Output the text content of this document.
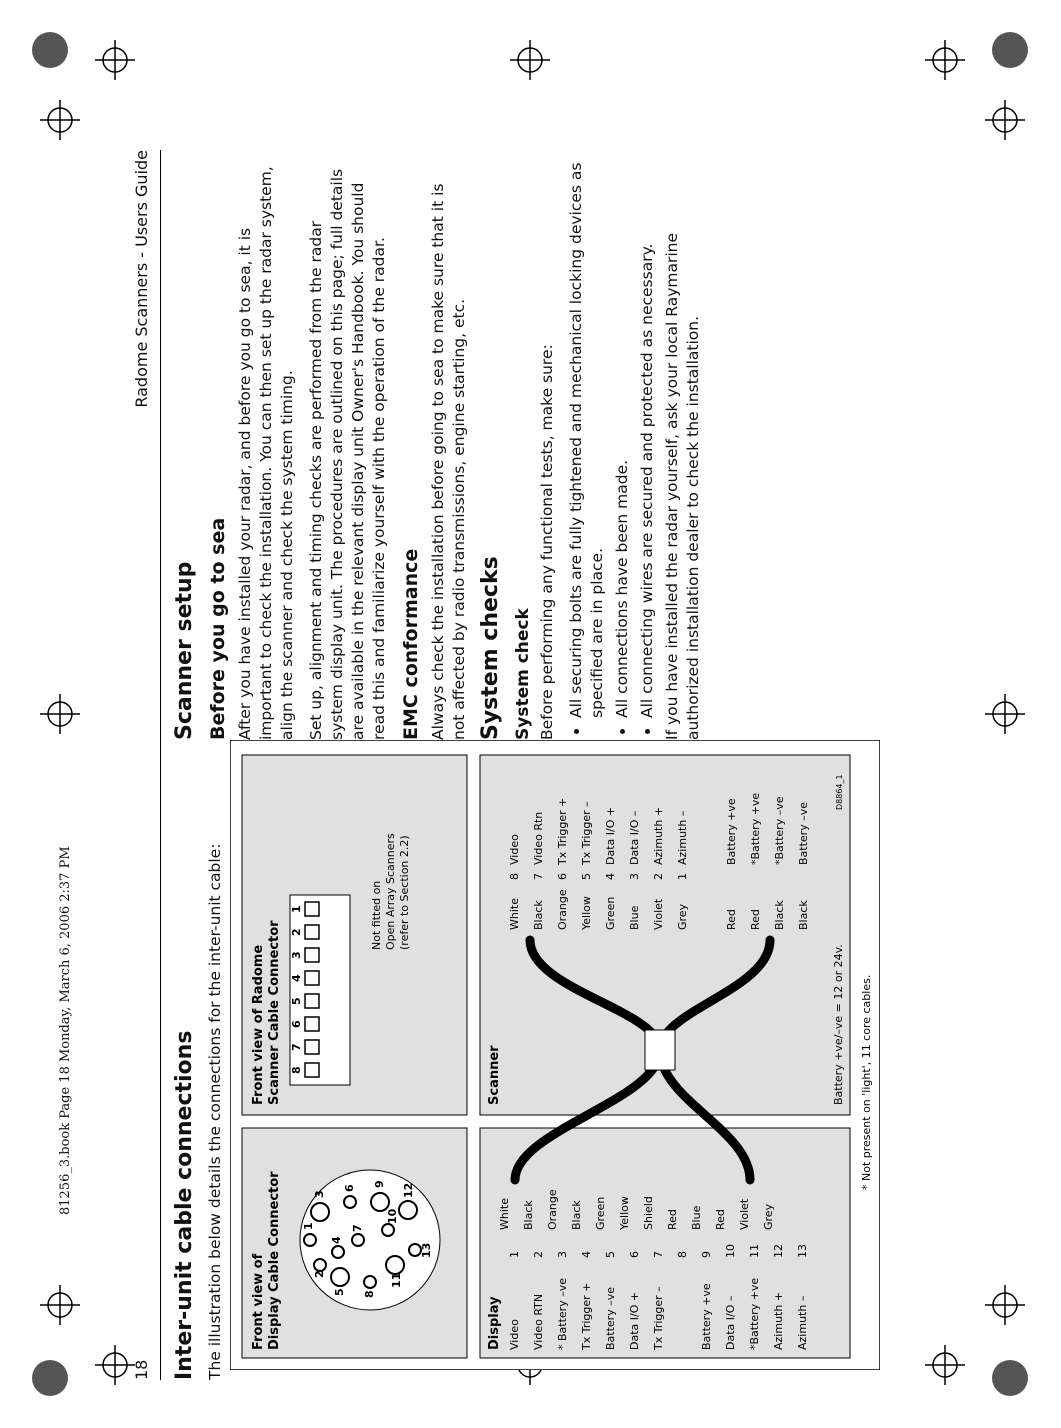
81256_3.book Page 18 Monday, March 6, 2006 2:37 PM
18
Radome Scanners - Users Guide
Inter-unit cable connections The illustration below details the connections for the inter-unit cable: Front view of Display Cable Connector 1
2
3
4
5
6
7
8
9
10
11
12
13
Front view of Radome Scanner Cable Connector 8
7
6
5
4
3
2
1	Not fitted on Open Array Scanners (refer to Section 2.2)
Display
Scanner
Video
1
White
Video RTN
2
Black
* Battery –ve
3
Orange
Tx Trigger +
4
Black
Battery –ve
5
Green
Data I/O +
6
Yellow
Tx Trigger –
7
Shield
8
Red
Battery +ve
9
Blue
Data I/O –
10
Red
*Battery +ve
11
Violet
Azimuth +
12
Grey
Azimuth –
13
White
8
Video
Black
7
Video Rtn
Orange
6
Tx Trigger +
Yellow
5
Tx Trigger –
Green
4
Data I/O +
Blue
3
Data I/O –
Violet
2
Azimuth +
Grey
1
Azimuth –
Red
Battery +ve
Red
*Battery +ve
Black
*Battery –ve
Black
Battery –ve
Battery +ve/–ve = 12 or 24v.
D8864_1
* Not present on 'light', 11 core cables.
Scanner setup Before you go to sea After you have installed your radar, and before you go to sea, it is important to check the installation. You can then set up the radar system, align the scanner and check the system timing. Set up, alignment and timing checks are performed from the radar system display unit. The procedures are outlined on this page; full details are available in the relevant display unit Owner's Handbook. You should read this and familiarize yourself with the operation of the radar. EMC conformance Always check the installation before going to sea to make sure that it is not affected by radio transmissions, engine starting, etc. System checks System check Before performing any functional tests, make sure: • All securing bolts are fully tightened and mechanical locking devices as specified are in place. • All connections have been made. • All connecting wires are secured and protected as necessary. If you have installed the radar yourself, ask your local Raymarine authorized installation dealer to check the installation.
